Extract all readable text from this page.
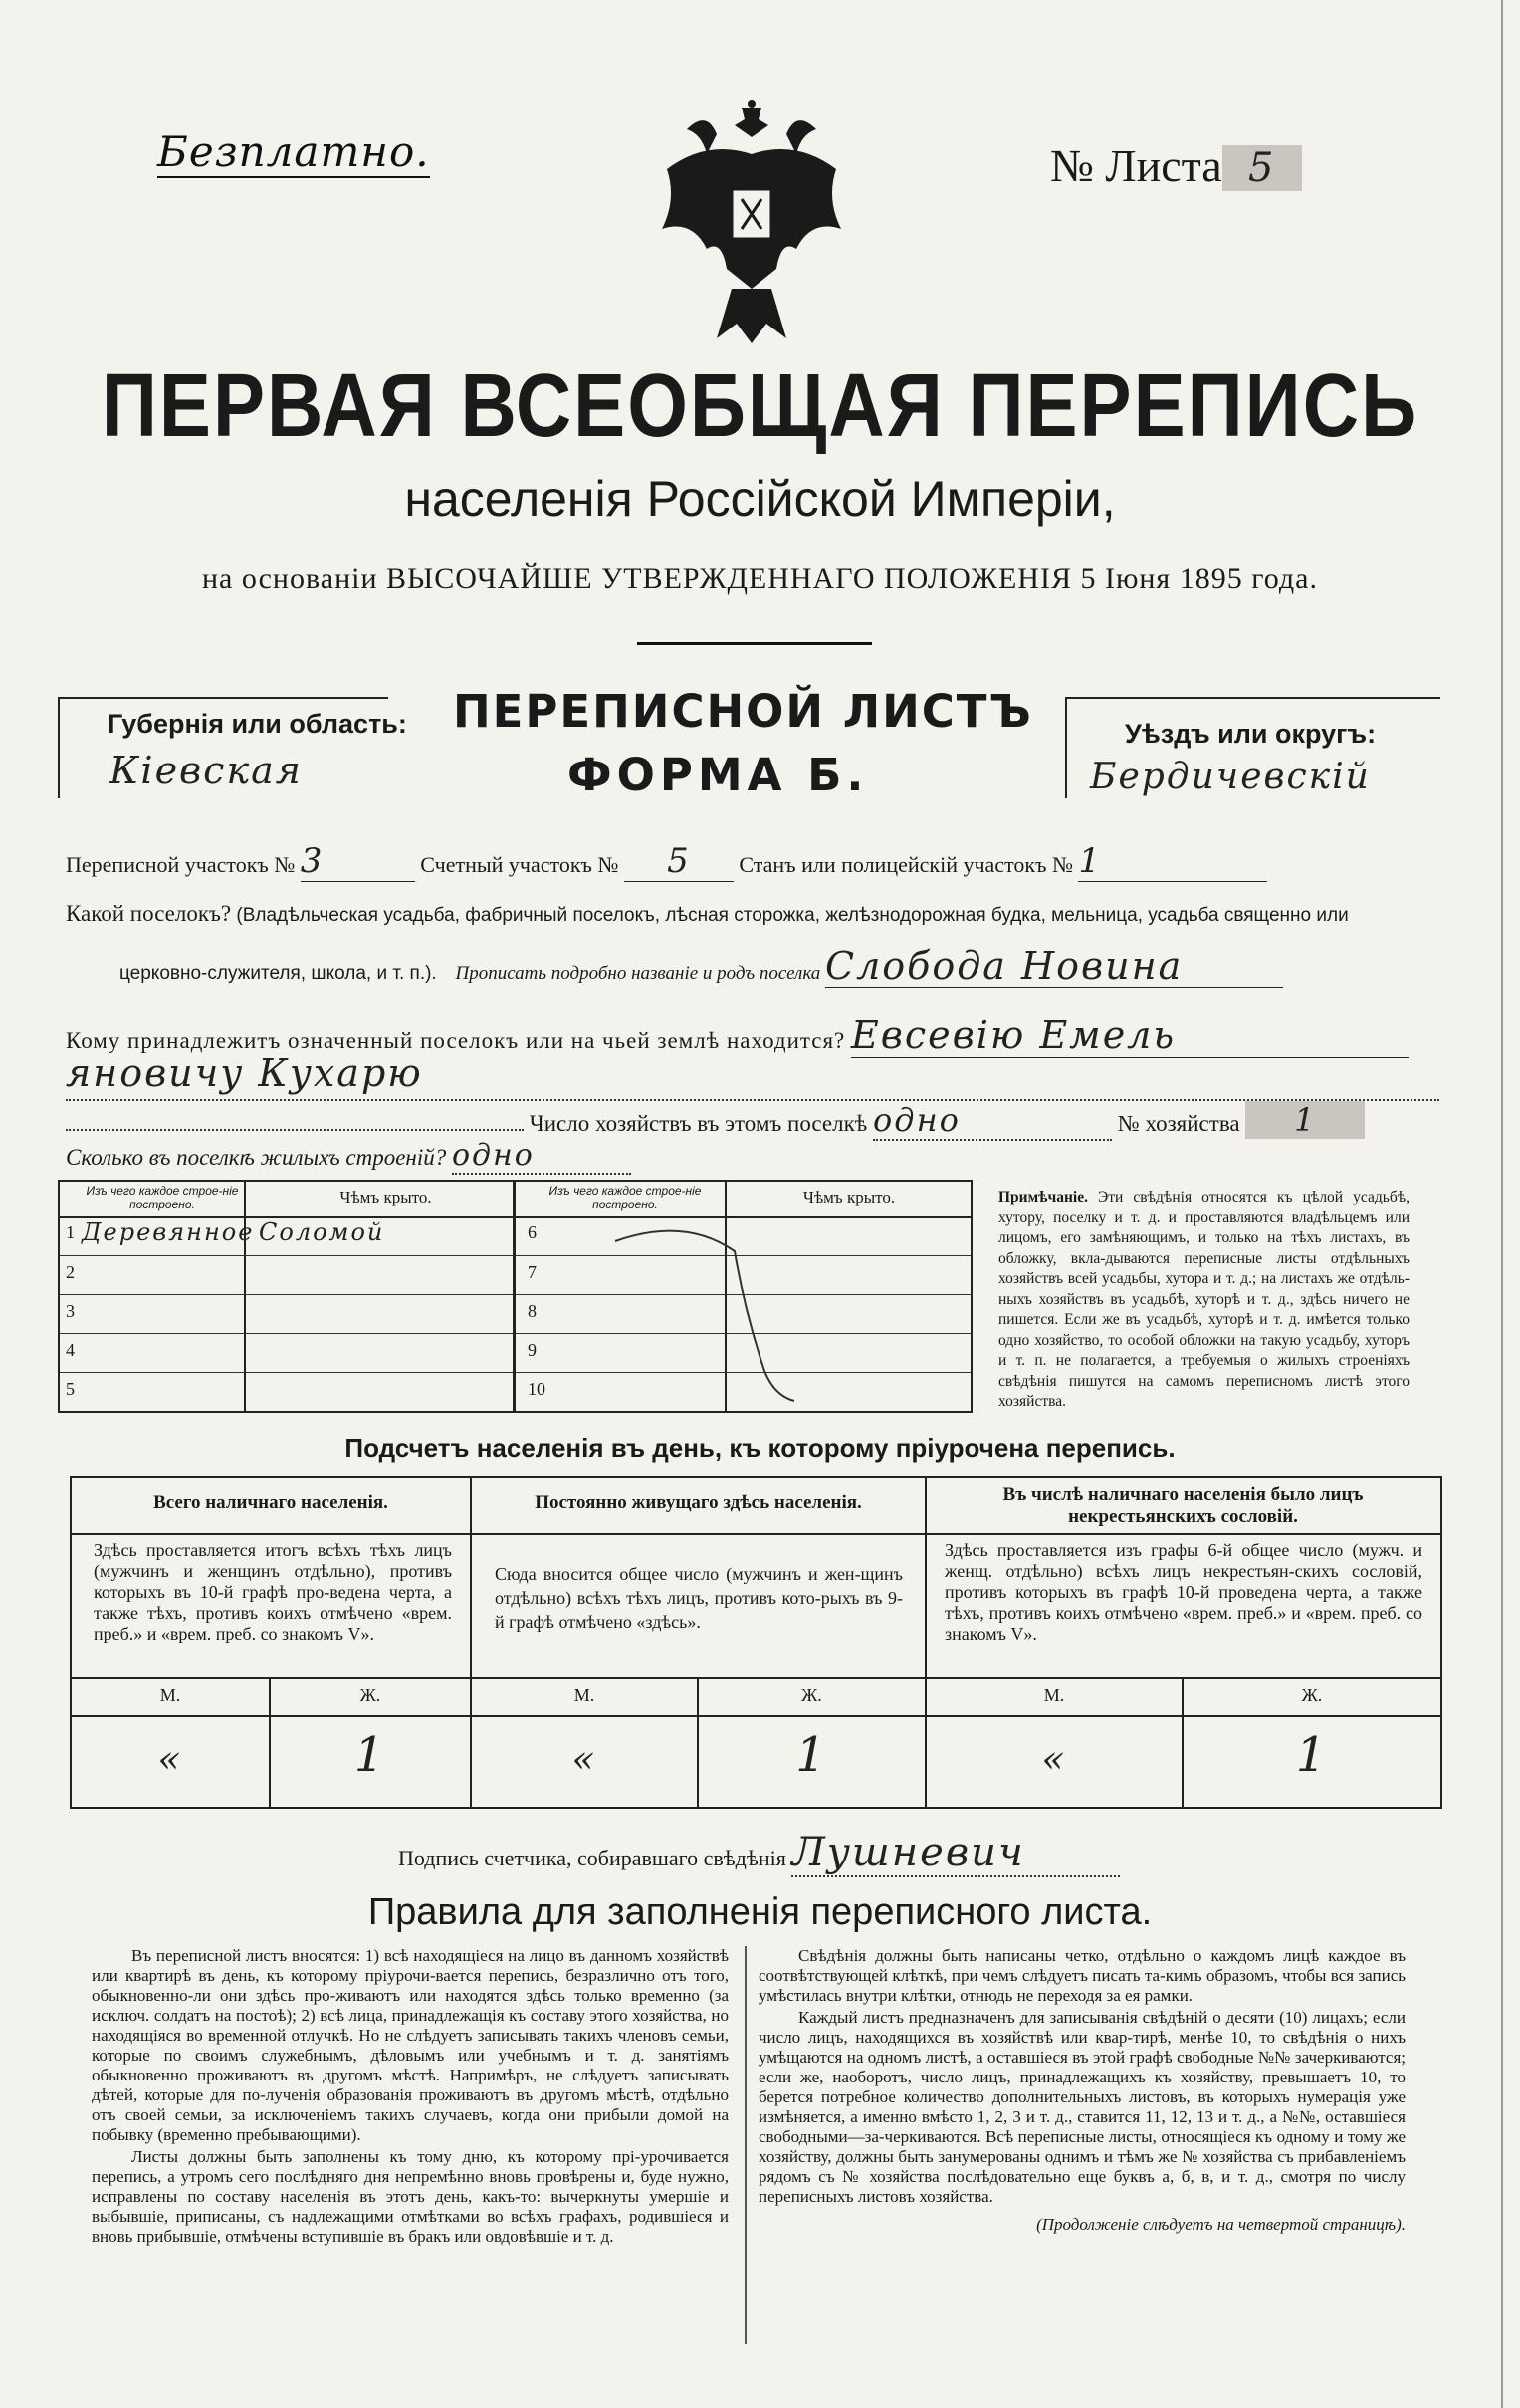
Безплатно.	№ Листа 5
ПЕРВАЯ ВСЕОБЩАЯ ПЕРЕПИСЬ
населенія Россійской Имперіи,
на основаніи ВЫСОЧАЙШЕ УТВЕРЖДЕННАГО ПОЛОЖЕНІЯ 5 Іюня 1895 года.
Губернія или область:
Кіевская
ПЕРЕПИСНОЙ ЛИСТЪ
ФОРМА Б.
Уѣздъ или округъ:
Бердичевскій
Переписной участокъ № 3	Счетный участокъ № 5 Станъ или полицейскій участокъ № 1
Какой поселокъ? (Владѣльческая усадьба, фабричный поселокъ, лѣсная сторожка, желѣзнодорожная будка, мельница, усадьба священно или
церковно-служителя, школа, и т. п.). Прописать подробно названіе и родъ поселка Слобода Новина
Кому принадлежитъ означенный поселокъ или на чьей землѣ находится? Евсевію Емель
яновичу Кухарю
Число хозяйствъ въ этомъ поселкѣ одно	№ хозяйства 1
Сколько въ поселкѣ жилыхъ строеній? одно
Изъ чего каждое строе-ніе построено.	Чѣмъ крыто.
1 Деревянное Соломой
2
3
4
5
Изъ чего каждое строе-ніе построено.	Чѣмъ крыто.
6
7
8
9
10
Примѣчаніе. Эти свѣдѣнія относятся къ цѣлой усадьбѣ, хутору, поселку и т. д. и проставляются владѣльцемъ или лицомъ, его замѣняющимъ, и только на тѣхъ листахъ, въ обложку, вкла-дываются переписные листы отдѣльныхъ хозяйствъ всей усадьбы, хутора и т. д.; на листахъ же отдѣль-ныхъ хозяйствъ въ усадьбѣ, хуторѣ и т. д., здѣсь ничего не пишется. Если же въ усадьбѣ, хуторѣ и т. д. имѣется только одно хозяйство, то особой обложки на такую усадьбу, хуторъ и т. п. не полагается, а требуемыя о жилыхъ строеніяхъ свѣдѣнія пишутся на самомъ переписномъ листѣ этого хозяйства.
Подсчетъ населенія въ день, къ которому пріурочена перепись.
Всего наличнаго населенія.
Здѣсь проставляется итогъ всѣхъ тѣхъ лицъ (мужчинъ и женщинъ отдѣльно), противъ которыхъ въ 10-й графѣ про-ведена черта, а также тѣхъ, противъ коихъ отмѣчено «врем. преб.» и «врем. преб. со знакомъ V».
М.	Ж.
«	1
Постоянно живущаго здѣсь населенія.
Сюда вносится общее число (мужчинъ и жен-щинъ отдѣльно) всѣхъ тѣхъ лицъ, противъ кото-рыхъ въ 9-й графѣ отмѣчено «здѣсь».
М.	Ж.
«	1
Въ числѣ наличнаго населенія было лицъ некрестьянскихъ сословій.
Здѣсь проставляется изъ графы 6-й общее число (мужч. и женщ. отдѣльно) всѣхъ лицъ некрестьян-скихъ сословій, противъ которыхъ въ графѣ 10-й проведена черта, а также тѣхъ, противъ коихъ отмѣчено «врем. преб.» и «врем. преб. со знакомъ V».
М.	Ж.
«	1
Подпись счетчика, собиравшаго свѣдѣнія Лушневич
Правила для заполненія переписного листа.
Въ переписной листъ вносятся: 1) всѣ находящіеся на лицо въ данномъ хозяйствѣ или квартирѣ въ день, къ которому пріурочи-вается перепись, безразлично отъ того, обыкновенно-ли они здѣсь про-живаютъ или находятся здѣсь только временно (за исключ. солдатъ на постоѣ); 2) всѣ лица, принадлежащія къ составу этого хозяйства, но находящіяся во временной отлучкѣ. Но не слѣдуетъ записывать такихъ членовъ семьи, которые по своимъ служебнымъ, дѣловымъ или учебнымъ и т. д. занятіямъ обыкновенно проживаютъ въ другомъ мѣстѣ. Напримѣръ, не слѣдуетъ записывать дѣтей, которые для по-лученія образованія проживаютъ въ другомъ мѣстѣ, отдѣльно отъ своей семьи, за исключеніемъ такихъ случаевъ, когда они прибыли домой на побывку (временно пребывающими).
Листы должны быть заполнены къ тому дню, къ которому прі-урочивается перепись, а утромъ сего послѣдняго дня непремѣнно вновь провѣрены и, буде нужно, исправлены по составу населенія въ этотъ день, какъ-то: вычеркнуты умершіе и выбывшіе, приписаны, съ надлежащими отмѣтками во всѣхъ графахъ, родившіеся и вновь прибывшіе, отмѣчены вступившіе въ бракъ или овдовѣвшіе и т. д.
Свѣдѣнія должны быть написаны четко, отдѣльно о каждомъ лицѣ каждое въ соотвѣтствующей клѣткѣ, при чемъ слѣдуетъ писать та-кимъ образомъ, чтобы вся запись умѣстилась внутри клѣтки, отнюдь не переходя за ея рамки.
Каждый листъ предназначенъ для записыванія свѣдѣній о десяти (10) лицахъ; если число лицъ, находящихся въ хозяйствѣ или квар-тирѣ, менѣе 10, то свѣдѣнія о нихъ умѣщаются на одномъ листѣ, а оставшіеся въ этой графѣ свободные №№ зачеркиваются; если же, наоборотъ, число лицъ, принадлежащихъ къ хозяйству, превышаетъ 10, то берется потребное количество дополнительныхъ листовъ, въ которыхъ нумерація уже измѣняется, а именно вмѣсто 1, 2, 3 и т. д., ставится 11, 12, 13 и т. д., а №№, оставшіеся свободными—за-черкиваются. Всѣ переписные листы, относящіеся къ одному и тому же хозяйству, должны быть занумерованы однимъ и тѣмъ же № хозяйства съ прибавленіемъ рядомъ съ № хозяйства послѣдовательно еще буквъ а, б, в, и т. д., смотря по числу переписныхъ листовъ хозяйства.
(Продолженіе слѣдуетъ на четвертой страницѣ).
